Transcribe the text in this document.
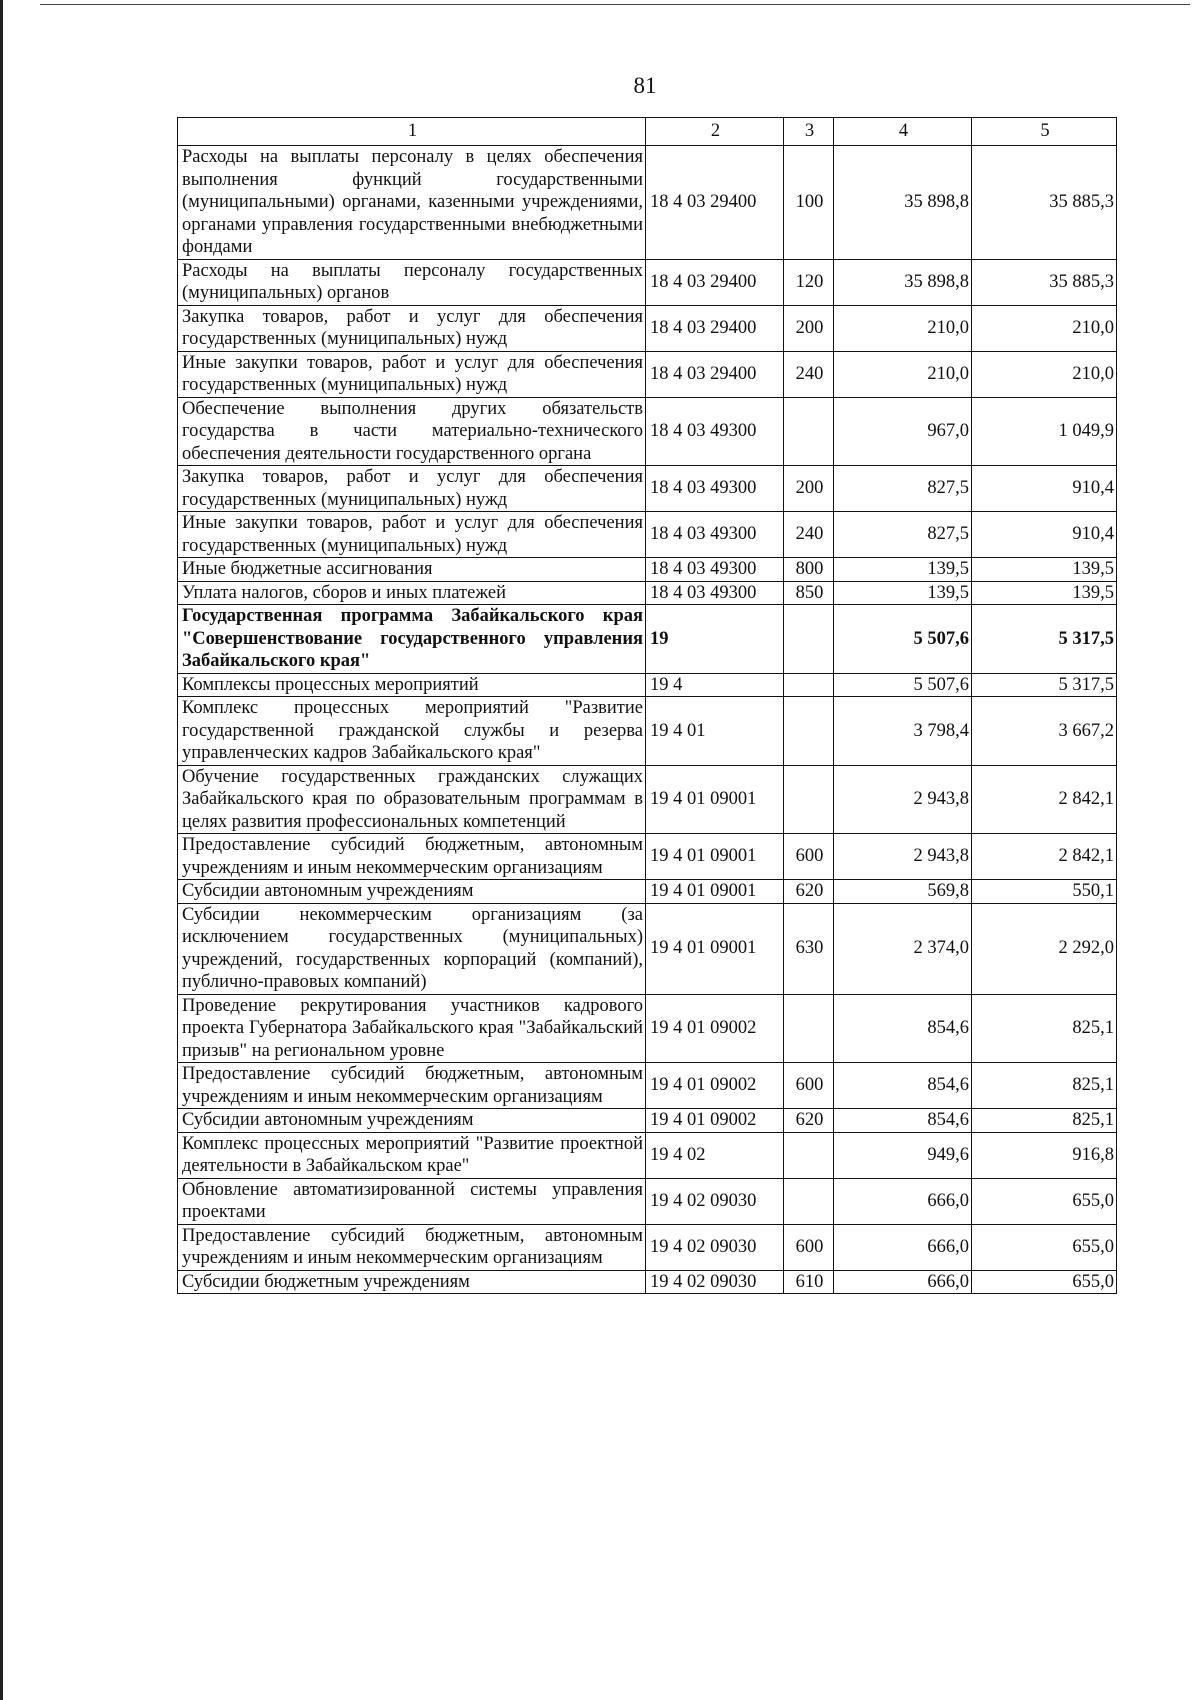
81
1	2	3	4	5
Расходы на выплаты персоналу в целях обеспечения выполнения функций государственными (муниципальными) органами, казенными учреждениями, органами управления государственными внебюджетными фондами	18 4 03 29400	100	35 898,8	35 885,3
Расходы на выплаты персоналу государственных (муниципальных) органов	18 4 03 29400	120	35 898,8	35 885,3
Закупка товаров, работ и услуг для обеспечения государственных (муниципальных) нужд	18 4 03 29400	200	210,0	210,0
Иные закупки товаров, работ и услуг для обеспечения государственных (муниципальных) нужд	18 4 03 29400	240	210,0	210,0
Обеспечение выполнения других обязательств государства в части материально-технического обеспечения деятельности государственного органа	18 4 03 49300		967,0	1 049,9
Закупка товаров, работ и услуг для обеспечения государственных (муниципальных) нужд	18 4 03 49300	200	827,5	910,4
Иные закупки товаров, работ и услуг для обеспечения государственных (муниципальных) нужд	18 4 03 49300	240	827,5	910,4
Иные бюджетные ассигнования	18 4 03 49300	800	139,5	139,5
Уплата налогов, сборов и иных платежей	18 4 03 49300	850	139,5	139,5
Государственная программа Забайкальского края "Совершенствование государственного управления Забайкальского края"	19		5 507,6	5 317,5
Комплексы процессных мероприятий	19 4		5 507,6	5 317,5
Комплекс процессных мероприятий "Развитие государственной гражданской службы и резерва управленческих кадров Забайкальского края"	19 4 01		3 798,4	3 667,2
Обучение государственных гражданских служащих Забайкальского края по образовательным программам в целях развития профессиональных компетенций	19 4 01 09001		2 943,8	2 842,1
Предоставление субсидий бюджетным, автономным учреждениям и иным некоммерческим организациям	19 4 01 09001	600	2 943,8	2 842,1
Субсидии автономным учреждениям	19 4 01 09001	620	569,8	550,1
Субсидии некоммерческим организациям (за исключением государственных (муниципальных) учреждений, государственных корпораций (компаний), публично-правовых компаний)	19 4 01 09001	630	2 374,0	2 292,0
Проведение рекрутирования участников кадрового проекта Губернатора Забайкальского края "Забайкальский призыв" на региональном уровне	19 4 01 09002		854,6	825,1
Предоставление субсидий бюджетным, автономным учреждениям и иным некоммерческим организациям	19 4 01 09002	600	854,6	825,1
Субсидии автономным учреждениям	19 4 01 09002	620	854,6	825,1
Комплекс процессных мероприятий "Развитие проектной деятельности в Забайкальском крае"	19 4 02		949,6	916,8
Обновление автоматизированной системы управления проектами	19 4 02 09030		666,0	655,0
Предоставление субсидий бюджетным, автономным учреждениям и иным некоммерческим организациям	19 4 02 09030	600	666,0	655,0
Субсидии бюджетным учреждениям	19 4 02 09030	610	666,0	655,0
